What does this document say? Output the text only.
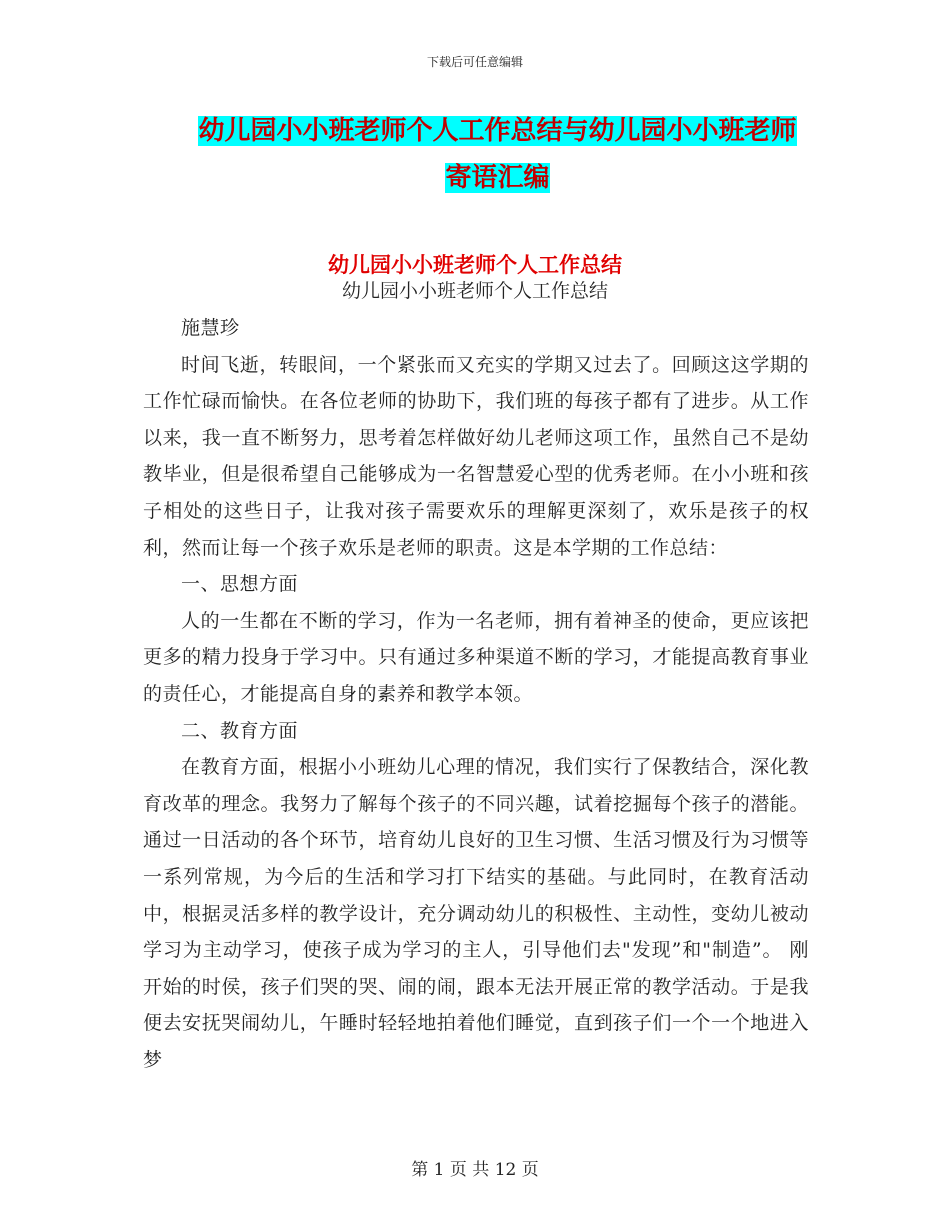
下载后可任意编辑
幼儿园小小班老师个人工作总结与幼儿园小小班老师
寄语汇编
幼儿园小小班老师个人工作总结
幼儿园小小班老师个人工作总结

施慧珍

时间飞逝，转眼间，一个紧张而又充实的学期又过去了。回顾这这学期的工作忙碌而愉快。在各位老师的协助下，我们班的每孩子都有了进步。从工作以来，我一直不断努力，思考着怎样做好幼儿老师这项工作，虽然自己不是幼教毕业，但是很希望自己能够成为一名智慧爱心型的优秀老师。在小小班和孩子相处的这些日子，让我对孩子需要欢乐的理解更深刻了，欢乐是孩子的权利，然而让每一个孩子欢乐是老师的职责。这是本学期的工作总结：

一、思想方面

人的一生都在不断的学习，作为一名老师，拥有着神圣的使命，更应该把更多的精力投身于学习中。只有通过多种渠道不断的学习，才能提高教育事业的责任心，才能提高自身的素养和教学本领。

二、教育方面

在教育方面，根据小小班幼儿心理的情况，我们实行了保教结合，深化教育改革的理念。我努力了解每个孩子的不同兴趣，试着挖掘每个孩子的潜能。通过一日活动的各个环节，培育幼儿良好的卫生习惯、生活习惯及行为习惯等一系列常规，为今后的生活和学习打下结实的基础。与此同时，在教育活动中，根据灵活多样的教学设计，充分调动幼儿的积极性、主动性，变幼儿被动学习为主动学习，使孩子成为学习的主人，引导他们去"发现”和"制造”。 刚开始的时侯，孩子们哭的哭、闹的闹，跟本无法开展正常的教学活动。于是我便去安抚哭闹幼儿，午睡时轻轻地拍着他们睡觉，直到孩子们一个一个地进入梦

第 1 页 共 12 页
